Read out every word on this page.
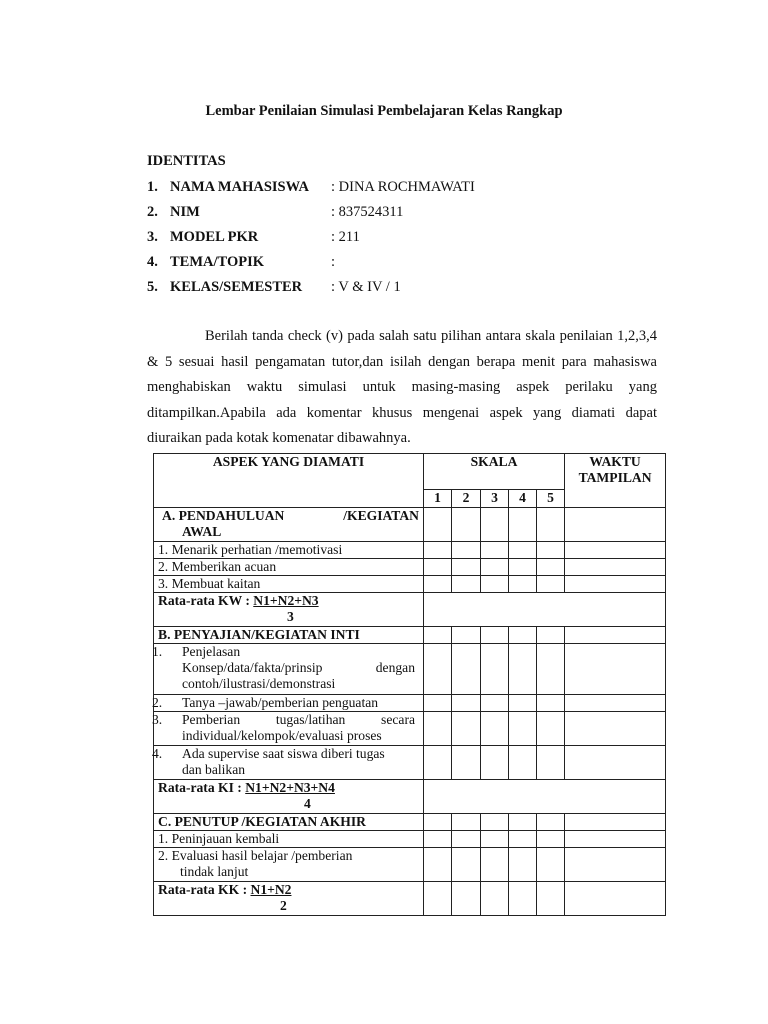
Lembar Penilaian Simulasi Pembelajaran Kelas Rangkap
IDENTITAS
1. NAMA MAHASISWA : DINA ROCHMAWATI
2. NIM	: 837524311
3. MODEL PKR	: 211
4. TEMA/TOPIK	:
5. KELAS/SEMESTER : V & IV / 1
Berilah tanda check (v) pada salah satu pilihan antara skala penilaian 1,2,3,4
& 5 sesuai hasil pengamatan tutor,dan isilah dengan berapa menit para mahasiswa
menghabiskan waktu simulasi untuk masing-masing aspek perilaku yang
ditampilkan.Apabila ada komentar khusus mengenai aspek yang diamati dapat
diuraikan pada kotak komenatar dibawahnya.
ASPEK YANG DIAMATI	SKALA					WAKTU
TAMPILAN

	1	2	3	4	5	

A. PENDAHULUAN /KEGIATAN
AWAL						

1. Menarik perhatian /memotivasi						
2. Memberikan acuan						
3. Membuat kaitan						

Rata-rata KW : N1+N2+N3
3						

B. PENYAJIAN/KEGIATAN INTI						

1. Penjelasan
Konsep/data/fakta/prinsip dengan
contoh/ilustrasi/demonstrasi						

2. Tanya –jawab/pemberian penguatan						

3. Pemberian tugas/latihan secara
individual/kelompok/evaluasi proses						

4. Ada supervise saat siswa diberi tugas
dan balikan						

Rata-rata KI : N1+N2+N3+N4
4						

C. PENUTUP /KEGIATAN AKHIR						
1. Peninjauan kembali						

2. Evaluasi hasil belajar /pemberian
tindak lanjut						

Rata-rata KK : N1+N2
2						
